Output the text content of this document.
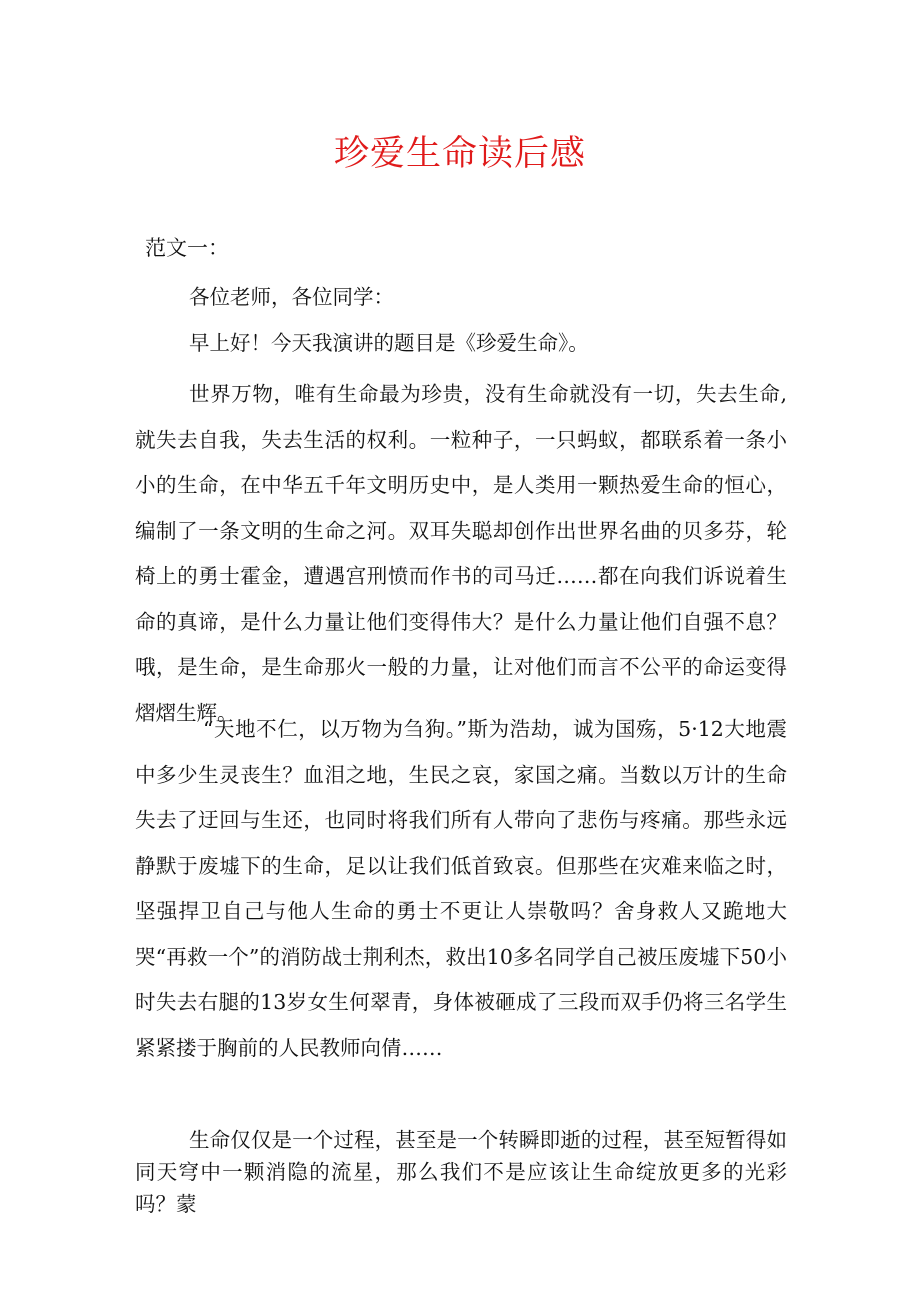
珍爱生命读后感

范文一：

各位老师，各位同学：

早上好！今天我演讲的题目是《珍爱生命》。

世界万物，唯有生命最为珍贵，没有生命就没有一切，失去生命,就失去自我，失去生活的权利。一粒种子，一只蚂蚁，都联系着一条小小的生命，在中华五千年文明历史中，是人类用一颗热爱生命的恒心，编制了一条文明的生命之河。双耳失聪却创作出世界名曲的贝多芬，轮椅上的勇士霍金，遭遇宫刑愤而作书的司马迁……都在向我们诉说着生命的真谛，是什么力量让他们变得伟大？是什么力量让他们自强不息？哦，是生命，是生命那火一般的力量，让对他们而言不公平的命运变得熠熠生辉。

“天地不仁，以万物为刍狗。”斯为浩劫，诚为国殇，5·12大地震中多少生灵丧生？血泪之地，生民之哀，家国之痛。当数以万计的生命失去了迂回与生还，也同时将我们所有人带向了悲伤与疼痛。那些永远静默于废墟下的生命，足以让我们低首致哀。但那些在灾难来临之时，坚强捍卫自己与他人生命的勇士不更让人崇敬吗？舍身救人又跪地大哭“再救一个”的消防战士荆利杰，救出10多名同学自己被压废墟下50小时失去右腿的13岁女生何翠青，身体被砸成了三段而双手仍将三名学生紧紧搂于胸前的人民教师向倩……

生命仅仅是一个过程，甚至是一个转瞬即逝的过程，甚至短暂得如同天穹中一颗消隐的流星，那么我们不是应该让生命绽放更多的光彩吗？蒙
